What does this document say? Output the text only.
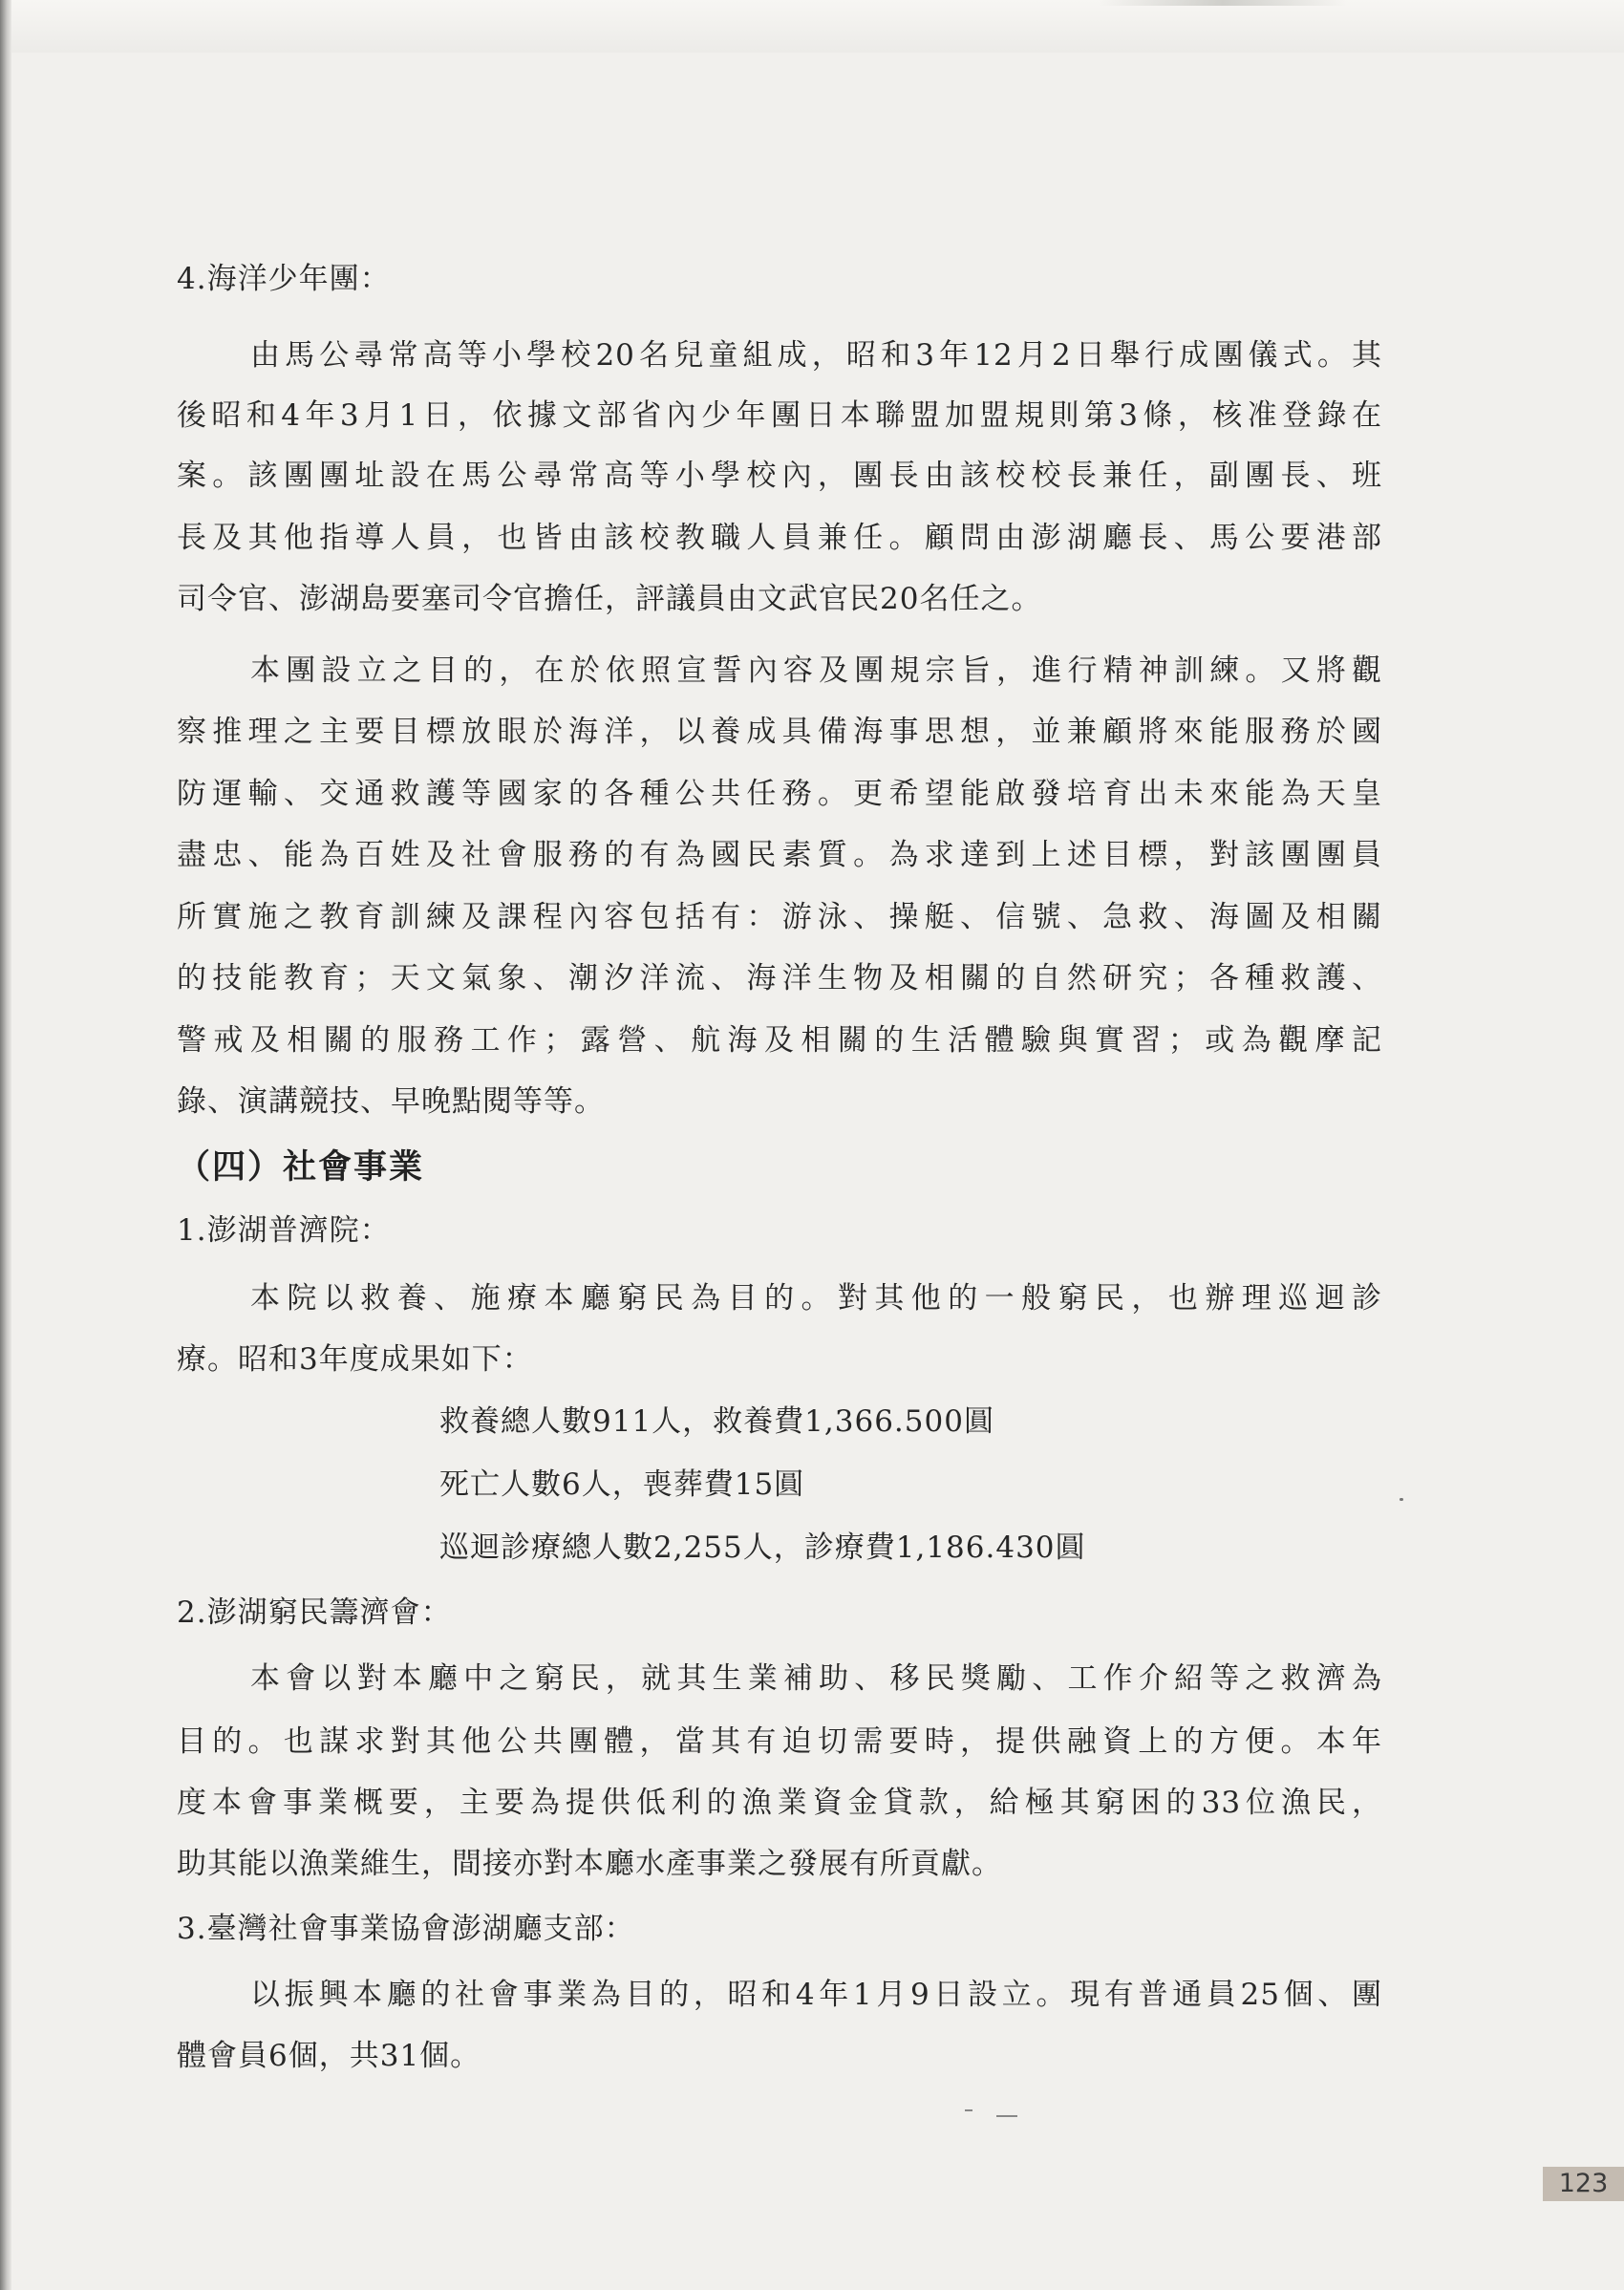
4.海洋少年團：
由馬公尋常高等小學校20名兒童組成，昭和3年12月2日舉行成團儀式。其
後昭和4年3月1日，依據文部省內少年團日本聯盟加盟規則第3條，核准登錄在
案。該團團址設在馬公尋常高等小學校內，團長由該校校長兼任，副團長、班
長及其他指導人員，也皆由該校教職人員兼任。顧問由澎湖廳長、馬公要港部
司令官、澎湖島要塞司令官擔任，評議員由文武官民20名任之。
本團設立之目的，在於依照宣誓內容及團規宗旨，進行精神訓練。又將觀
察推理之主要目標放眼於海洋，以養成具備海事思想，並兼顧將來能服務於國
防運輸、交通救護等國家的各種公共任務。更希望能啟發培育出未來能為天皇
盡忠、能為百姓及社會服務的有為國民素質。為求達到上述目標，對該團團員
所實施之教育訓練及課程內容包括有：游泳、操艇、信號、急救、海圖及相關
的技能教育；天文氣象、潮汐洋流、海洋生物及相關的自然研究；各種救護、
警戒及相關的服務工作；露營、航海及相關的生活體驗與實習；或為觀摩記
錄、演講競技、早晚點閱等等。
（四）社會事業
1.澎湖普濟院：
本院以救養、施療本廳窮民為目的。對其他的一般窮民，也辦理巡迴診
療。昭和3年度成果如下：
救養總人數911人，救養費1,366.500圓
死亡人數6人，喪葬費15圓
巡迴診療總人數2,255人，診療費1,186.430圓
2.澎湖窮民籌濟會：
本會以對本廳中之窮民，就其生業補助、移民獎勵、工作介紹等之救濟為
目的。也謀求對其他公共團體，當其有迫切需要時，提供融資上的方便。本年
度本會事業概要，主要為提供低利的漁業資金貸款，給極其窮困的33位漁民，
助其能以漁業維生，間接亦對本廳水產事業之發展有所貢獻。
3.臺灣社會事業協會澎湖廳支部：
以振興本廳的社會事業為目的，昭和4年1月9日設立。現有普通員25個、團
體會員6個，共31個。
123
